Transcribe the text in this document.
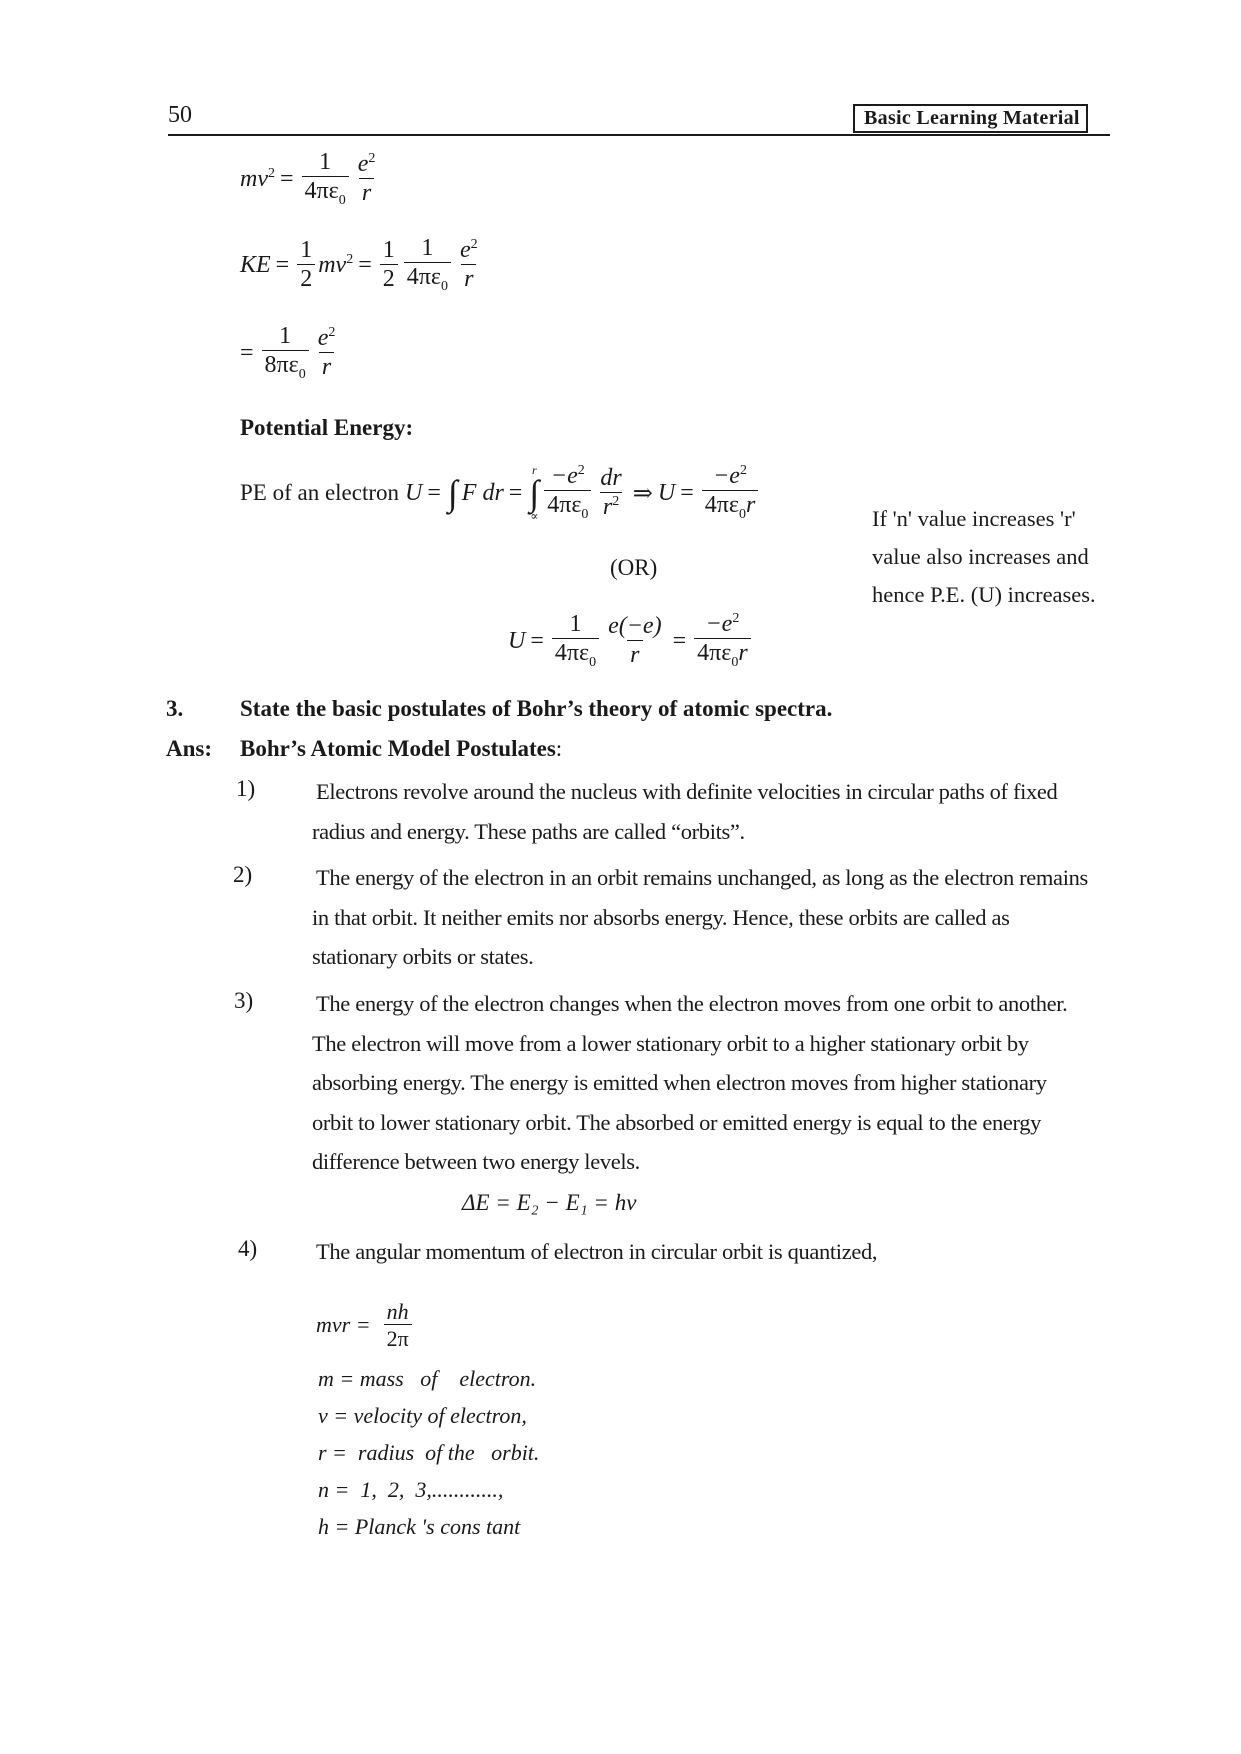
50	Basic Learning Material
$mv^2 = \frac{1}{4\pi\varepsilon_0} e^2$
r
KE = $\frac{1}{2} mv^2 = \frac{1}{2} 1$
$4\pi\varepsilon_0$
$e^2$
r
= $\frac{1}{8\pi\varepsilon_0} e^2$
r
Potential Energy:
PE of an electron U = ∫ F dr =
r
∫
∝
$-e^2$
$4\pi\varepsilon_0$
dr
$r^2$ ⇒ $U = \frac{-e^2}{4\pi\varepsilon_0r}$	If 'n' value increases 'r'
value also increases and
hence P.E. (U) increases.
(OR)
$U = \frac{1}{4\pi\varepsilon_0} \frac{e(-e)}{r} = \frac{-e^2}{4\pi\varepsilon_0r}$
3. State the basic postulates of Bohr’s theory of atomic spectra.
Ans: Bohr’s Atomic Model Postulates:
1)	Electrons revolve around the nucleus with definite velocities in circular paths of fixed
radius and energy. These paths are called “orbits”.
2)	The energy of the electron in an orbit remains unchanged, as long as the electron remains
in that orbit. It neither emits nor absorbs energy. Hence, these orbits are called as
stationary orbits or states.
3)	The energy of the electron changes when the electron moves from one orbit to another.
The electron will move from a lower stationary orbit to a higher stationary orbit by
absorbing energy. The energy is emitted when electron moves from higher stationary
orbit to lower stationary orbit. The absorbed or emitted energy is equal to the energy
difference between two energy levels.
ΔE = E₂ − E₁ = hv
4)	The angular momentum of electron in circular orbit is quantized,
mvr = $\frac{nh}{2\pi}$
m = mass   of    electron.
v = velocity of electron,
r =  radius  of the   orbit.
n =  1,  2,  3,............,
h = Planck 's cons tant
